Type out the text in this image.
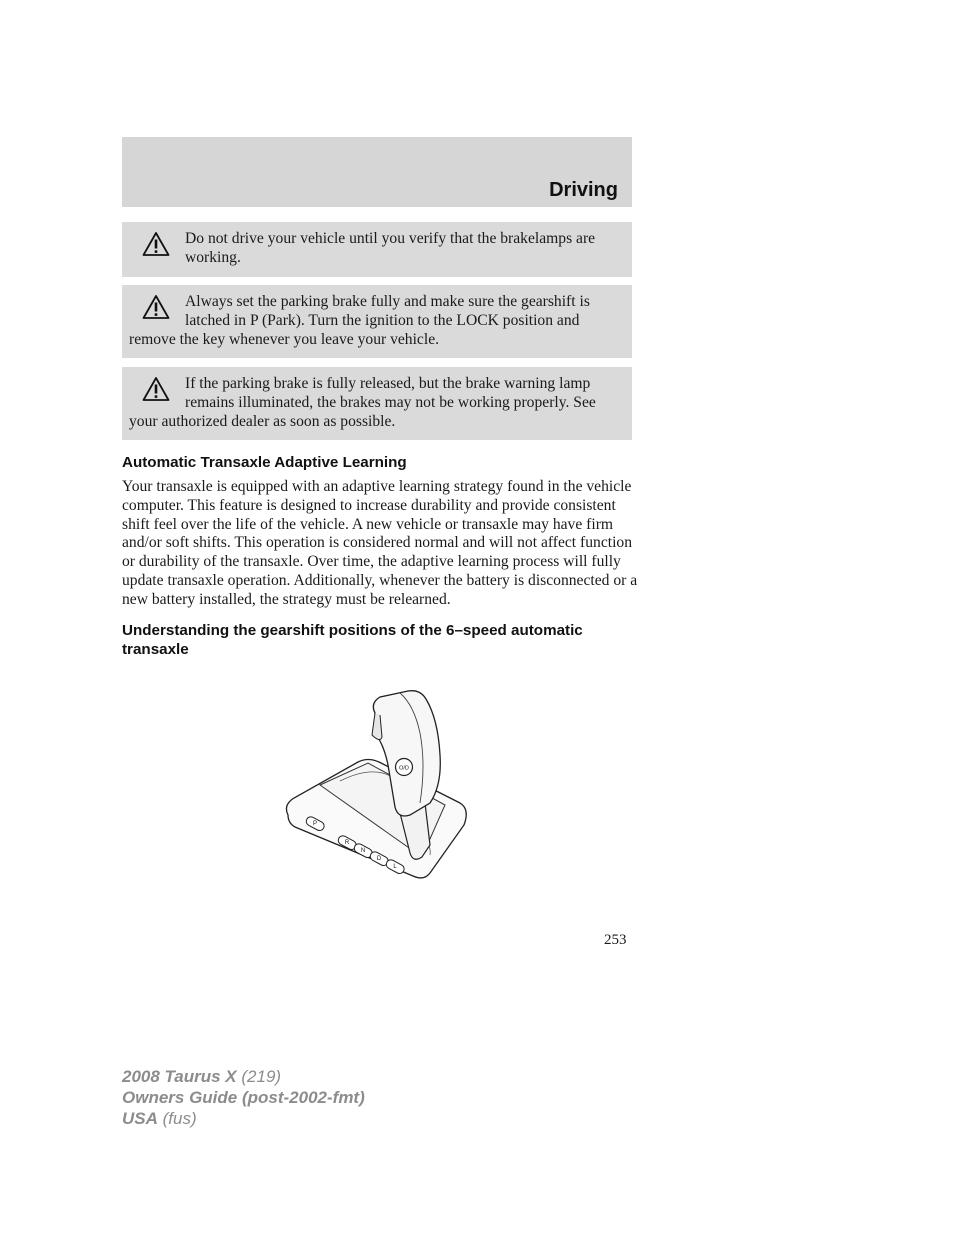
Driving
Do not drive your vehicle until you verify that the brakelamps are working.
Always set the parking brake fully and make sure the gearshift is latched in P (Park). Turn the ignition to the LOCK position and remove the key whenever you leave your vehicle.
If the parking brake is fully released, but the brake warning lamp remains illuminated, the brakes may not be working properly. See your authorized dealer as soon as possible.
Automatic Transaxle Adaptive Learning
Your transaxle is equipped with an adaptive learning strategy found in the vehicle computer. This feature is designed to increase durability and provide consistent shift feel over the life of the vehicle. A new vehicle or transaxle may have firm and/or soft shifts. This operation is considered normal and will not affect function or durability of the transaxle. Over time, the adaptive learning process will fully update transaxle operation. Additionally, whenever the battery is disconnected or a new battery installed, the strategy must be relearned.
Understanding the gearshift positions of the 6–speed automatic transaxle
P
R
N
D
L
O/D
253
2008 Taurus X (219)
Owners Guide (post-2002-fmt)
USA (fus)
